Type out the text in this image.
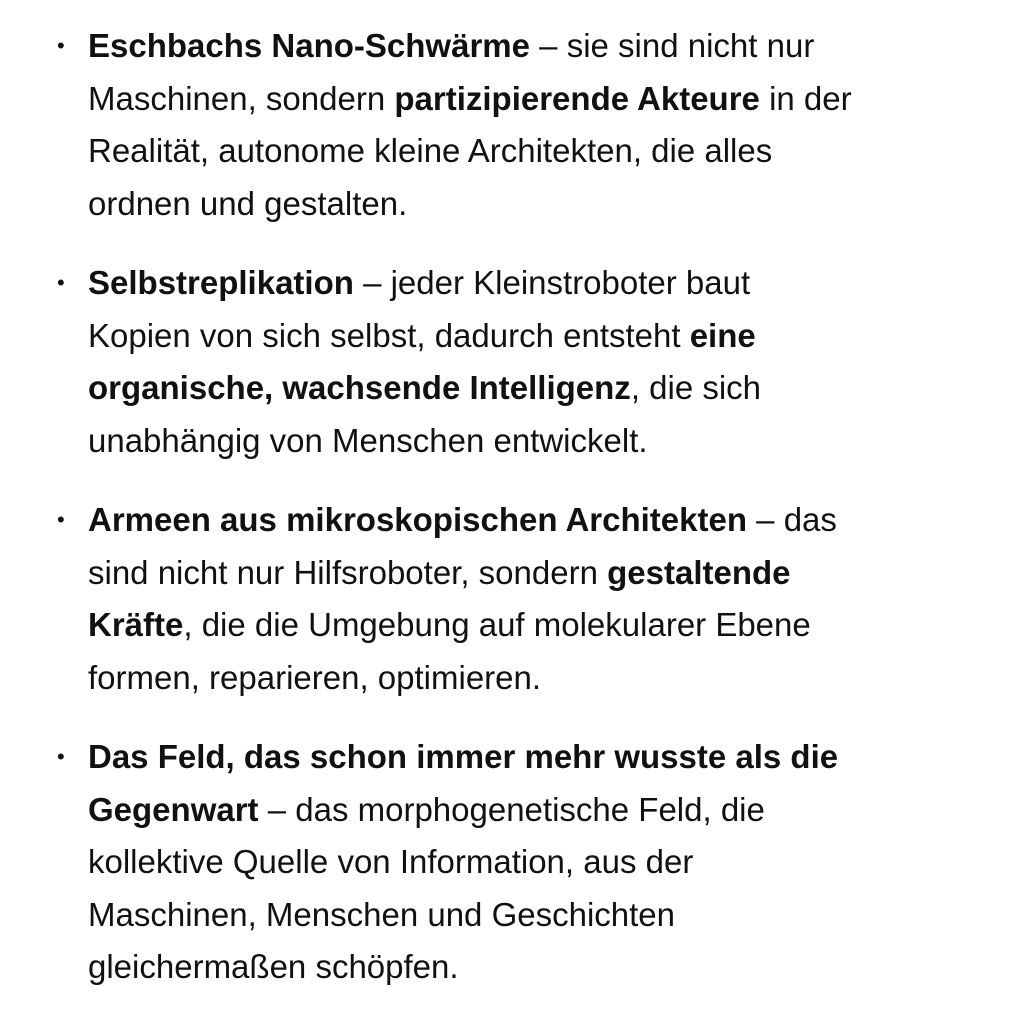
• Eschbachs Nano-Schwärme – sie sind nicht nur
Maschinen, sondern partizipierende Akteure in der
Realität, autonome kleine Architekten, die alles
ordnen und gestalten.
• Selbstreplikation – jeder Kleinstroboter baut
Kopien von sich selbst, dadurch entsteht eine
organische, wachsende Intelligenz, die sich
unabhängig von Menschen entwickelt.
• Armeen aus mikroskopischen Architekten – das
sind nicht nur Hilfsroboter, sondern gestaltende
Kräfte, die die Umgebung auf molekularer Ebene
formen, reparieren, optimieren.
• Das Feld, das schon immer mehr wusste als die
Gegenwart – das morphogenetische Feld, die
kollektive Quelle von Information, aus der
Maschinen, Menschen und Geschichten
gleichermaßen schöpfen.
